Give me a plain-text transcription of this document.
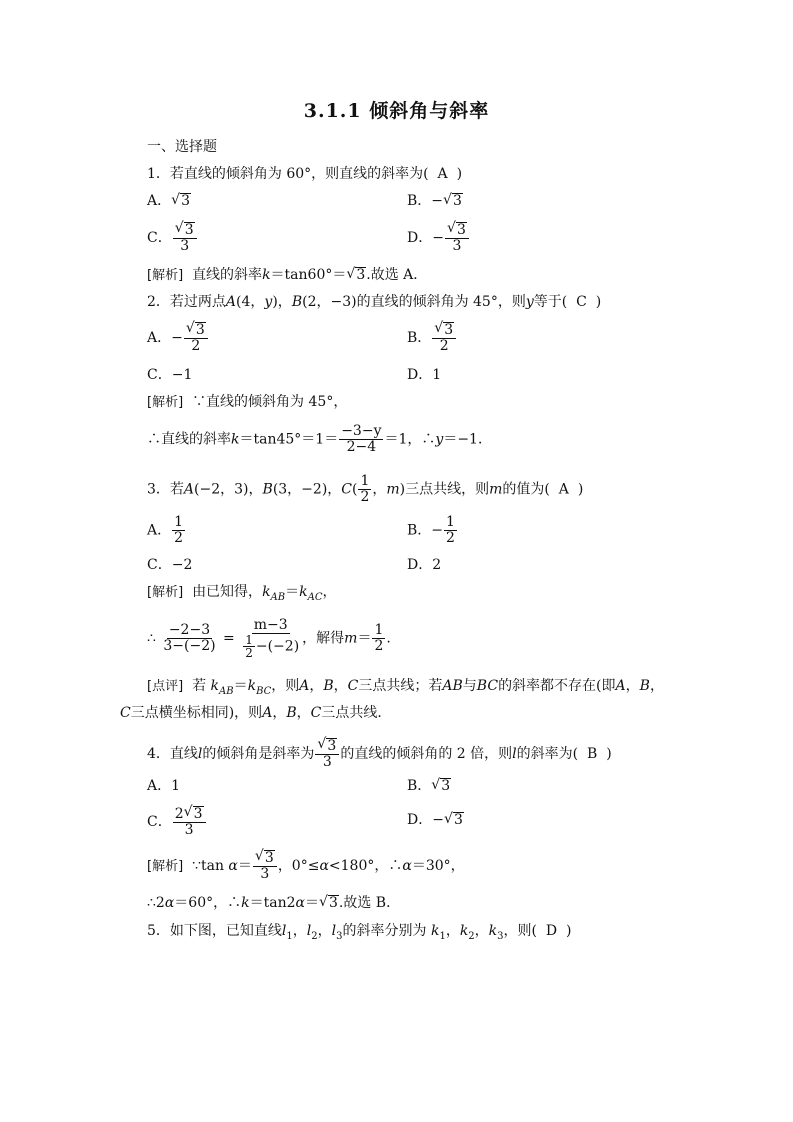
3.1.1 倾斜角与斜率
一、选择题
1．若直线的倾斜角为 60°，则直线的斜率为( A )
A． √ 3	B．− √ 3
C． √ $\frac{3}{3}$	D．− √ $\frac{3}{3}$
[解析] 直线的斜率k＝tan60°＝ √ 3.故选 A．
2．若过两点A(4，y)，B(2，−3)的直线的倾斜角为 45°，则y等于( C )
A．− √ $\frac{3}{2}$	B． √ $\frac{3}{2}$
C．−1	D．1
[解析] ∵直线的倾斜角为 45°，
∴直线的斜率$k=\tan 45^\circ=1= \frac{-3-y}{2-4} =1$，∴y＝−1．
3．若A(−2，3)，B(3，−2)，$C( \frac{1}{2}$ ，m)三点共线，则m的值为( A )
A． $\frac{1}{2}$	B．− $\frac{1}{2}$
C．−2	D．2
[解析] 由已知得，$k_{AB}=k_{AC}$，
∴ $\frac{-2-3}{3-(-2)} = \frac{m-3}{\frac{1}{2} -(-2)}$ ，解得$m= \frac{1}{2}$ .
[点评] 若 $k_{AB}=k_{BC}$，则A，B，C三点共线；若AB与BC的斜率都不存在(即A，B，
C三点横坐标相同)，则A，B，C三点共线．
4．直线l的倾斜角是斜率为 √ $\frac{3}{3}$ 的直线的倾斜角的 2 倍，则l的斜率为( B )
A．1	B． √ 3
C． $\frac{2 √ 3}{3}$	D．− √ 3
[解析] ∵tan α＝ √ $\frac{3}{3}$ ，0°≤α<180°，∴α＝30°，
∴2α＝60°，∴k＝tan2α＝ √ 3.故选 B．
5．如下图，已知直线$l_1$，$l_2$，$l_3$的斜率分别为 $k_1$，$k_2$，$k_3$，则( D )
